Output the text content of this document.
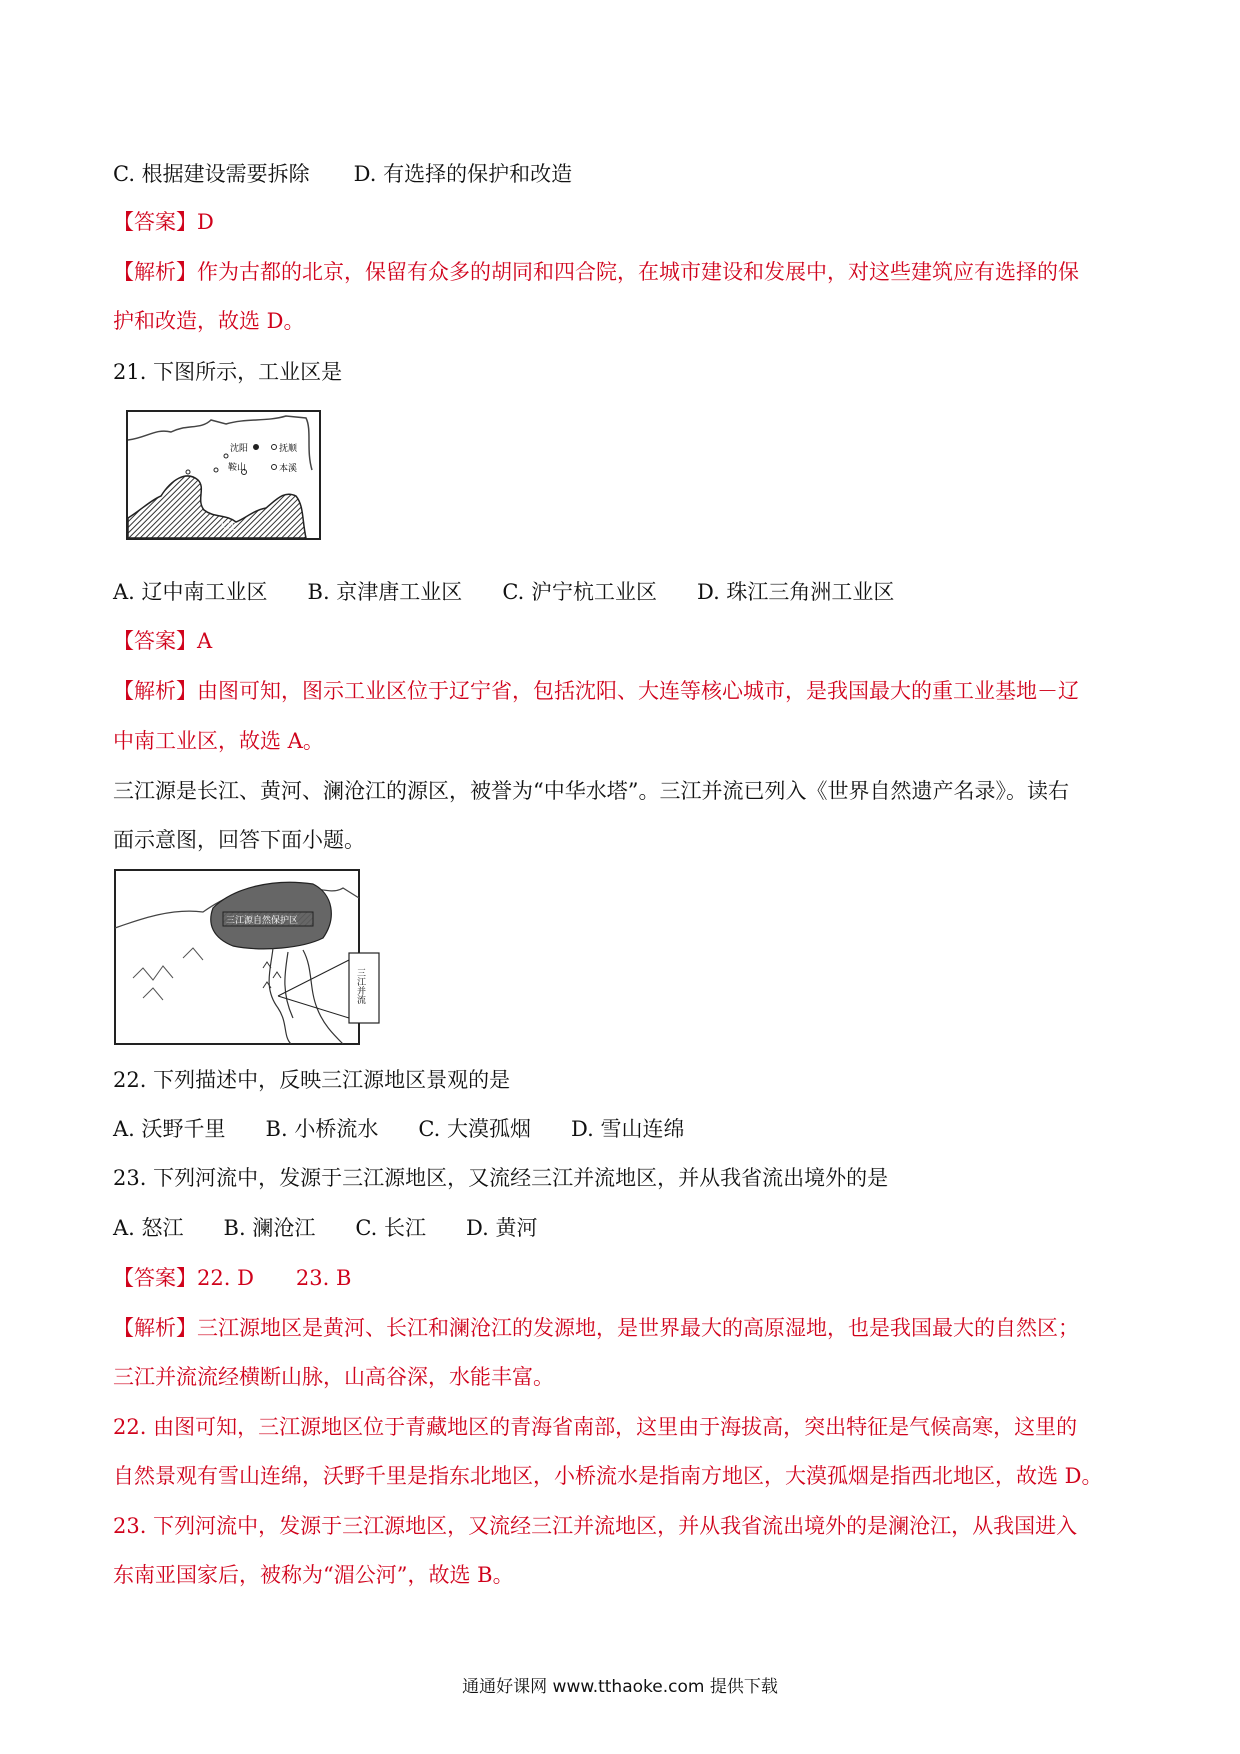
C. 根据建设需要拆除 D. 有选择的保护和改造
【答案】D
【解析】作为古都的北京，保留有众多的胡同和四合院，在城市建设和发展中，对这些建筑应有选择的保
护和改造，故选 D。
21. 下图所示，工业区是
沈阳	抚顺
鞍山	本溪
大连
A. 辽中南工业区 B. 京津唐工业区 C. 沪宁杭工业区 D. 珠江三角洲工业区
【答案】A
【解析】由图可知，图示工业区位于辽宁省，包括沈阳、大连等核心城市，是我国最大的重工业基地－辽
中南工业区，故选 A。
三江源是长江、黄河、澜沧江的源区，被誉为“中华水塔”。三江并流已列入《世界自然遗产名录》。读右
面示意图，回答下面小题。
三江源自然保护区
三江并流
22. 下列描述中，反映三江源地区景观的是
A. 沃野千里 B. 小桥流水 C. 大漠孤烟 D. 雪山连绵
23. 下列河流中，发源于三江源地区，又流经三江并流地区，并从我省流出境外的是
A. 怒江 B. 澜沧江 C. 长江 D. 黄河
【答案】22. D　　23. B
【解析】三江源地区是黄河、长江和澜沧江的发源地，是世界最大的高原湿地，也是我国最大的自然区；
三江并流流经横断山脉，山高谷深，水能丰富。
22. 由图可知，三江源地区位于青藏地区的青海省南部，这里由于海拔高，突出特征是气候高寒，这里的
自然景观有雪山连绵，沃野千里是指东北地区，小桥流水是指南方地区，大漠孤烟是指西北地区，故选 D。
23. 下列河流中，发源于三江源地区，又流经三江并流地区，并从我省流出境外的是澜沧江，从我国进入
东南亚国家后，被称为“湄公河”，故选 B。
通通好课网 www.tthaoke.com 提供下载
